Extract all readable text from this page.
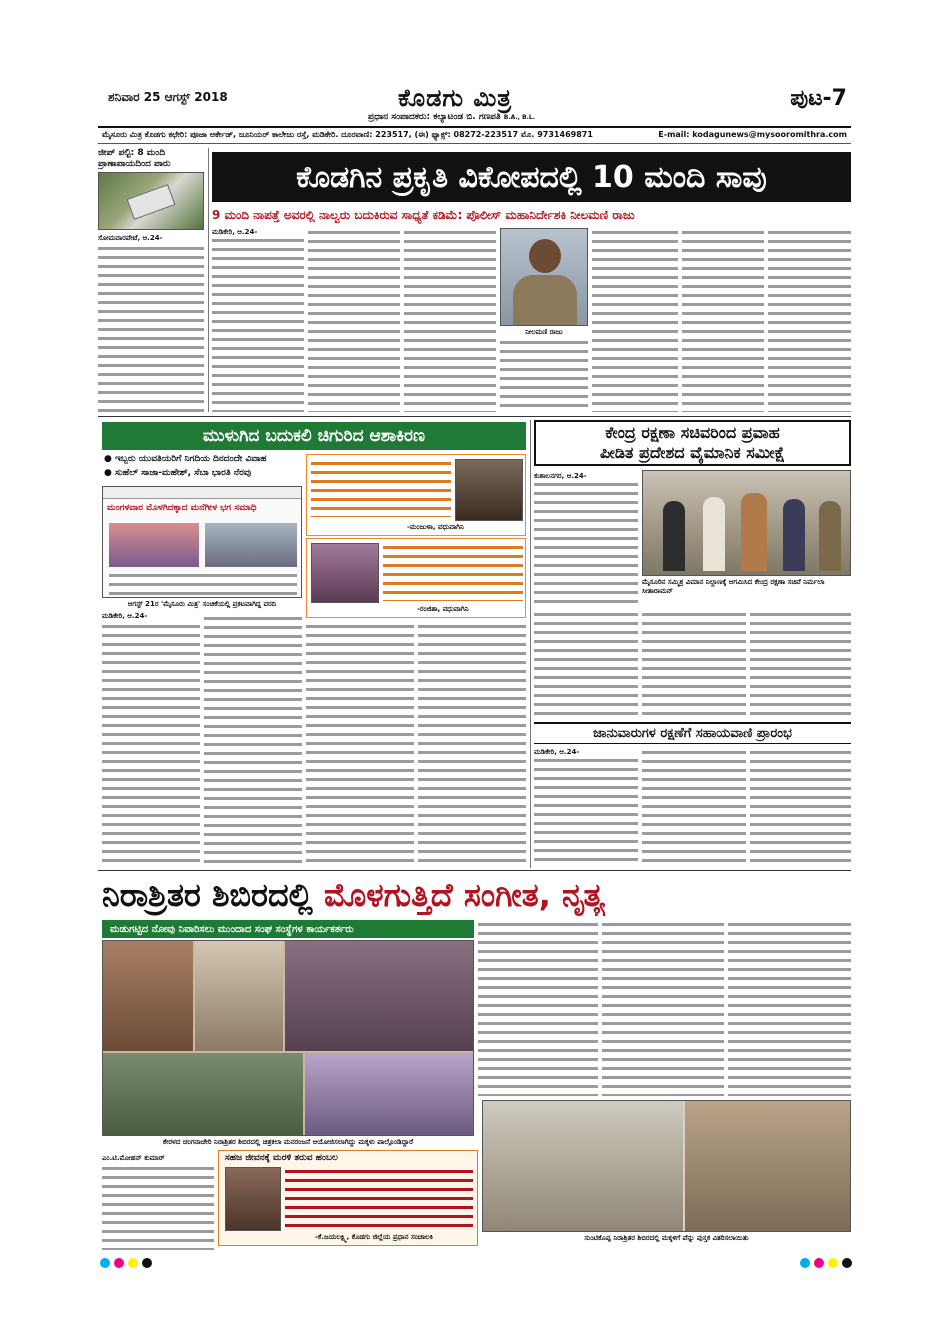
ಶನಿವಾರ 25 ಆಗಸ್ಟ್ 2018	ಕೊಡಗು ಮಿತ್ರ
ಪ್ರಧಾನ ಸಂಪಾದಕರು: ಕಲ್ಯಾಟಂಡ ಬಿ. ಗಣಪತಿ B.A., B.L.
ಪುಟ-7
ಮೈಸೂರು ಮಿತ್ರ ಕೊಡಗು ಕಛೇರಿ: ಪೂಜಾ ಆರ್ಕೇಡ್, ಜೂನಿಯರ್ ಕಾಲೇಜು ರಸ್ತೆ, ಮಡಿಕೇರಿ. ದೂರವಾಣಿ: 223517, (ಈ) ಫ್ಯಾಕ್ಸ್: 08272-223517 ಮೊ. 9731469871	E-mail: kodagunews@mysooromithra.com
ಜೀಪ್ ಪಲ್ಟಿ: 8 ಮಂದಿ ಪ್ರಾಣಾಪಾಯದಿಂದ ಪಾರು
ಸೋಮವಾರಪೇಟೆ, ಆ.24-
ಕೊಡಗಿನ ಪ್ರಕೃತಿ ವಿಕೋಪದಲ್ಲಿ 10 ಮಂದಿ ಸಾವು
9 ಮಂದಿ ನಾಪತ್ತೆ ಅವರಲ್ಲಿ ನಾಲ್ವರು ಬದುಕಿರುವ ಸಾಧ್ಯತೆ ಕಡಿಮೆ: ಪೊಲೀಸ್ ಮಹಾನಿರ್ದೇಶಕಿ ನೀಲಮಣಿ ರಾಜು
ಮಡಿಕೇರಿ, ಆ.24-
ನೀಲಮಣಿ ರಾಜು
ಮುಳುಗಿದ ಬದುಕಲಿ ಚಿಗುರಿದ ಆಶಾಕಿರಣ
● ಇಬ್ಬರು ಯುವತಿಯರಿಗೆ ನಿಗದಿಯ ದಿನದಂದೇ ವಿವಾಹ
● ಸುಹೆಲ್ ಸಾಜಾ-ಮಹೇಶ್, ಸೆಬಾ ಭಾರತಿ ನೆರವು
ಮಂಗಳವಾರ ಮೊಳಗಿದಕ್ಕಾದ ಮನೆಗೀಳ ಭಗ ಸಮಾಧಿ
ಆಗಸ್ಟ್ 21ರ 'ಮೈಸೂರು ಮಿತ್ರ' ಸಂಚಿಕೆಯಲ್ಲಿ ಪ್ರಕಟವಾಗಿದ್ದ ವರದಿ
-ಮಂಜುಳಾ, ವಧುವಾಗಿನಿ
-ರಂಜಿತಾ, ವಧುವಾಗಿನಿ
ಮಡಿಕೇರಿ, ಆ.24-
ಕೇಂದ್ರ ರಕ್ಷಣಾ ಸಚಿವರಿಂದ ಪ್ರವಾಹ
ಪೀಡಿತ ಪ್ರದೇಶದ ವೈಮಾನಿಕ ಸಮೀಕ್ಷೆ
ಕುಶಾಲನಗರ, ಆ.24-
ಮೈಸೂರಿನ ಸಮ್ಮಿಶ್ರ ವಿಮಾನ ನಿಲ್ದಾಣಕ್ಕೆ ಆಗಮಿಸಿದ ಕೇಂದ್ರ ರಕ್ಷಣಾ ಸಚಿವೆ ನಿರ್ಮಲಾ ಸೀತಾರಾಮನ್
ಜಾನುವಾರುಗಳ ರಕ್ಷಣೆಗೆ ಸಹಾಯವಾಣಿ ಪ್ರಾರಂಭ
ಮಡಿಕೇರಿ, ಆ.24-
ನಿರಾಶ್ರಿತರ ಶಿಬಿರದಲ್ಲಿ ಮೊಳಗುತ್ತಿದೆ ಸಂಗೀತ, ನೃತ್ಯ
ಮಡುಗಟ್ಟಿದ ನೋವು ನಿವಾರಿಸಲು ಮುಂದಾದ ಸಂಘ ಸಂಸ್ಥೆಗಳ ಕಾರ್ಯಕರ್ತರು
ಕೇರಳದ ಚಂಗನಾಚೇರಿ ನಿರಾಶ್ರಿತರ ಶಿಬಿರದಲ್ಲಿ ಚಿತ್ರಕಲಾ ಮನರಂಜನೆ ಆಯೋಜಿಸಲಾಗಿದ್ದು ಮಕ್ಕಳು ಪಾಲ್ಗೊಂಡಿದ್ದಾರೆ
ಎಂ.ಟಿ.ಮೋಹನ್ ಕುಮಾರ್	ಸಹಜ ಜೀವನಕ್ಕೆ ಮರಳಿ ತರುವ ಹಂಬಲ
-ಕೆ.ಜಯಲಕ್ಷ್ಮಿ, ಕೊಡಗು ಜಿಲ್ಲೆಯ ಪ್ರಧಾನ ಸಂಚಾಲಕಿ	ಸುಂಟಿಕೊಪ್ಪ ನಿರಾಶ್ರಿತರ ಶಿಬಿರದಲ್ಲಿ ಮಕ್ಕಳಿಗೆ ಪೆನ್ನು ಪುಸ್ತಕ ವಿತರಿಸಲಾಯಿತು
